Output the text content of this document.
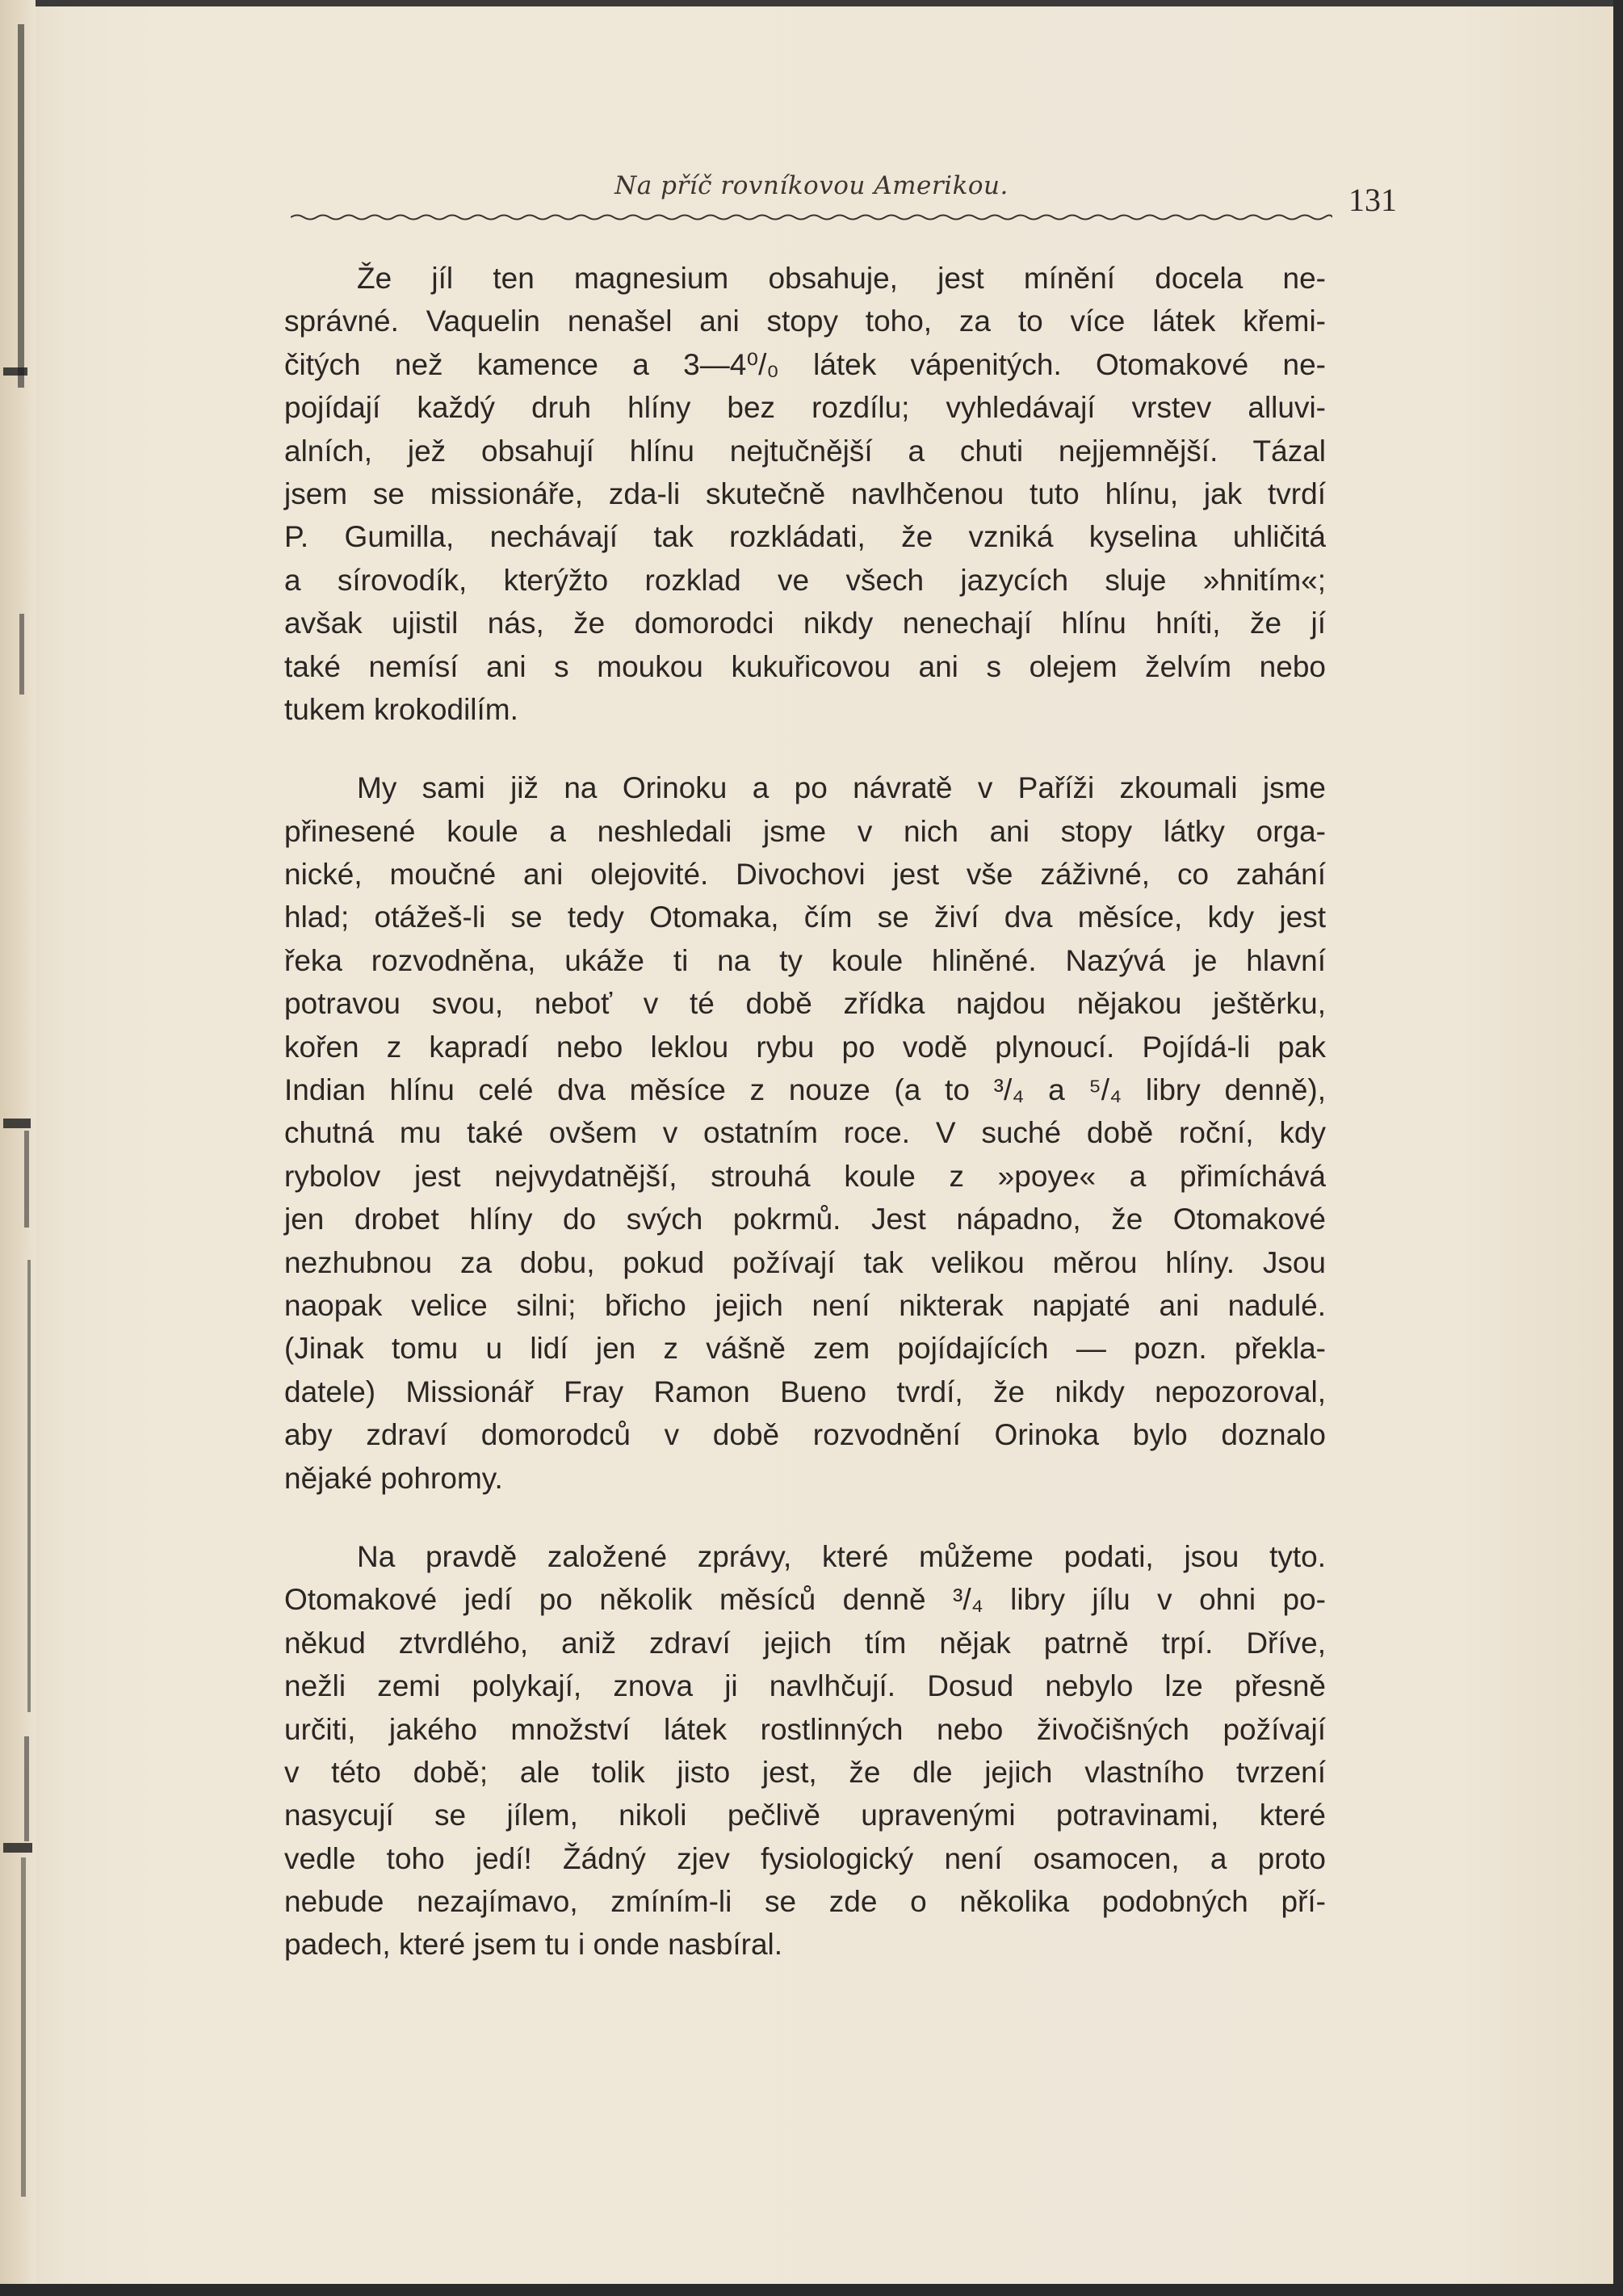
Na příč rovníkovou Amerikou.	131
Že jíl ten magnesium obsahuje, jest mínění docela ne-
správné. Vaquelin nenašel ani stopy toho, za to více látek křemi-
čitých než kamence a 3—4⁰/₀ látek vápenitých. Otomakové ne-
pojídají každý druh hlíny bez rozdílu; vyhledávají vrstev alluvi-
alních, jež obsahují hlínu nejtučnější a chuti nejjemnější. Tázal
jsem se missionáře, zda-li skutečně navlhčenou tuto hlínu, jak tvrdí
P. Gumilla, nechávají tak rozkládati, že vzniká kyselina uhličitá
a sírovodík, kterýžto rozklad ve všech jazycích sluje »hnitím«;
avšak ujistil nás, že domorodci nikdy nenechají hlínu hníti, že jí
také nemísí ani s moukou kukuřicovou ani s olejem želvím nebo
tukem krokodilím.
My sami již na Orinoku a po návratě v Paříži zkoumali jsme
přinesené koule a neshledali jsme v nich ani stopy látky orga-
nické, moučné ani olejovité. Divochovi jest vše záživné, co zahání
hlad; otážeš-li se tedy Otomaka, čím se živí dva měsíce, kdy jest
řeka rozvodněna, ukáže ti na ty koule hliněné. Nazývá je hlavní
potravou svou, neboť v té době zřídka najdou nějakou ještěrku,
kořen z kapradí nebo leklou rybu po vodě plynoucí. Pojídá-li pak
Indian hlínu celé dva měsíce z nouze (a to ³/₄ a ⁵/₄ libry denně),
chutná mu také ovšem v ostatním roce. V suché době roční, kdy
rybolov jest nejvydatnější, strouhá koule z »poye« a přimíchává
jen drobet hlíny do svých pokrmů. Jest nápadno, že Otomakové
nezhubnou za dobu, pokud požívají tak velikou měrou hlíny. Jsou
naopak velice silni; břicho jejich není nikterak napjaté ani nadulé.
(Jinak tomu u lidí jen z vášně zem pojídajících — pozn. překla-
datele) Missionář Fray Ramon Bueno tvrdí, že nikdy nepozoroval,
aby zdraví domorodců v době rozvodnění Orinoka bylo doznalo
nějaké pohromy.
Na pravdě založené zprávy, které můžeme podati, jsou tyto.
Otomakové jedí po několik měsíců denně ³/₄ libry jílu v ohni po-
někud ztvrdlého, aniž zdraví jejich tím nějak patrně trpí. Dříve,
nežli zemi polykají, znova ji navlhčují. Dosud nebylo lze přesně
určiti, jakého množství látek rostlinných nebo živočišných požívají
v této době; ale tolik jisto jest, že dle jejich vlastního tvrzení
nasycují se jílem, nikoli pečlivě upravenými potravinami, které
vedle toho jedí! Žádný zjev fysiologický není osamocen, a proto
nebude nezajímavo, zmíním-li se zde o několika podobných pří-
padech, které jsem tu i onde nasbíral.
